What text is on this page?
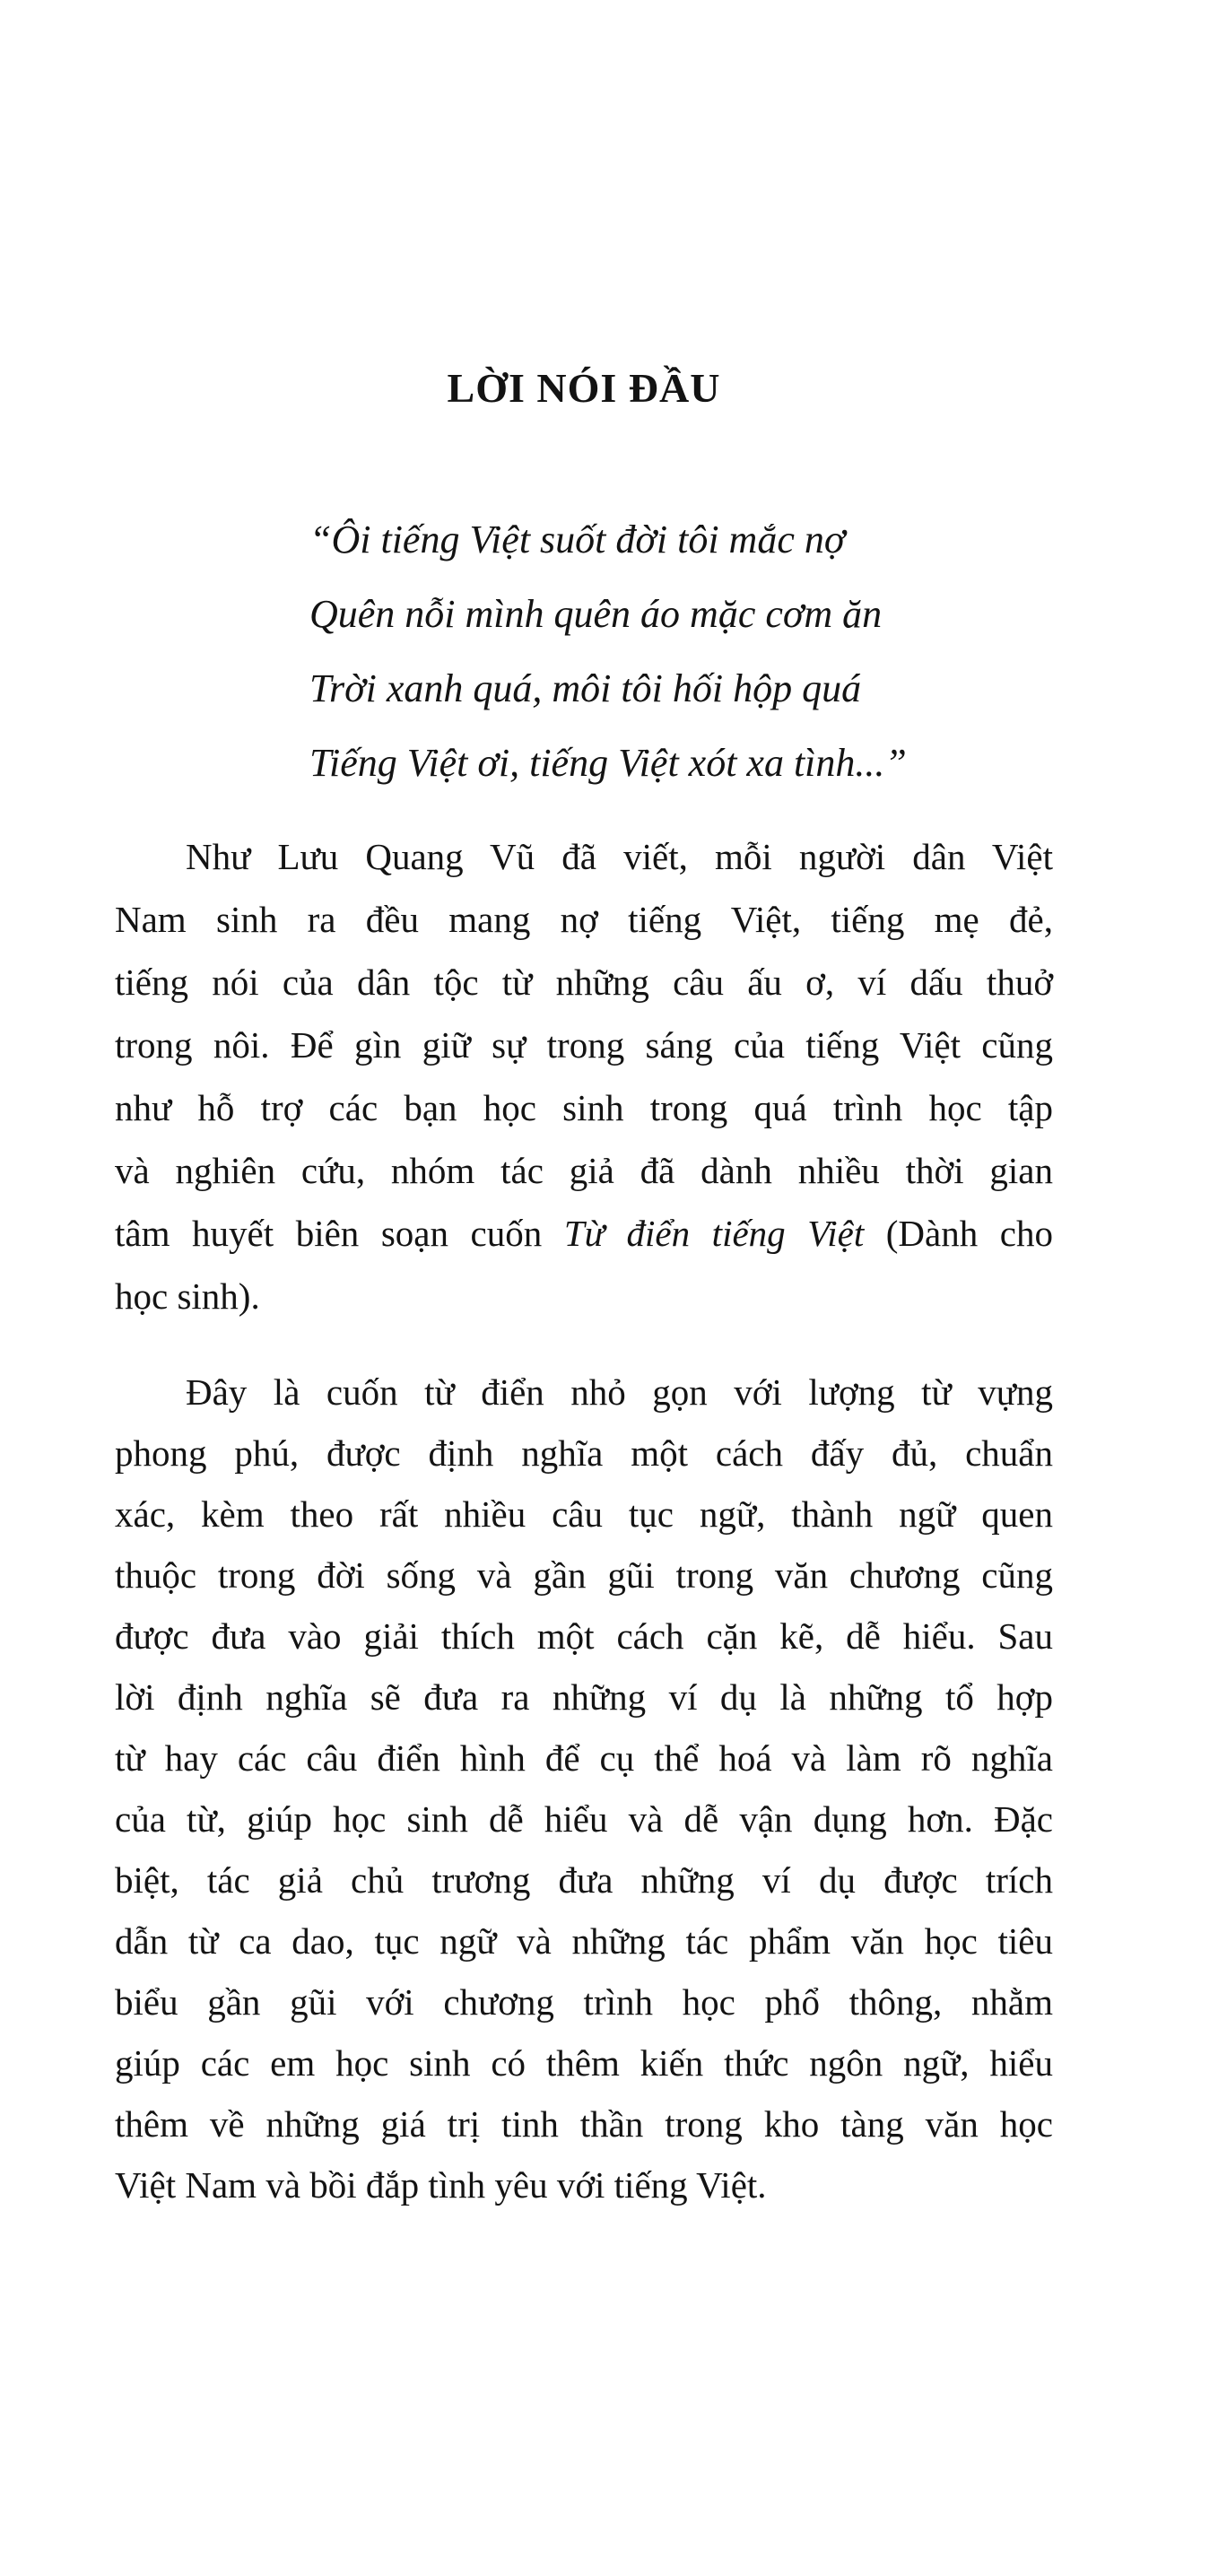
LỜI NÓI ĐẦU
“Ôi tiếng Việt suốt đời tôi mắc nợ
Quên nỗi mình quên áo mặc cơm ăn
Trời xanh quá, môi tôi hối hộp quá
Tiếng Việt ơi, tiếng Việt xót xa tình...”
Như Lưu Quang Vũ đã viết, mỗi người dân Việt
Nam sinh ra đều mang nợ tiếng Việt, tiếng mẹ đẻ,
tiếng nói của dân tộc từ những câu ấu ơ, ví dấu thuở
trong nôi. Để gìn giữ sự trong sáng của tiếng Việt cũng
như hỗ trợ các bạn học sinh trong quá trình học tập
và nghiên cứu, nhóm tác giả đã dành nhiều thời gian
tâm huyết biên soạn cuốn Từ điển tiếng Việt (Dành cho
học sinh).
Đây là cuốn từ điển nhỏ gọn với lượng từ vựng
phong phú, được định nghĩa một cách đấy đủ, chuẩn
xác, kèm theo rất nhiều câu tục ngữ, thành ngữ quen
thuộc trong đời sống và gần gũi trong văn chương cũng
được đưa vào giải thích một cách cặn kẽ, dễ hiểu. Sau
lời định nghĩa sẽ đưa ra những ví dụ là những tổ hợp
từ hay các câu điển hình để cụ thể hoá và làm rõ nghĩa
của từ, giúp học sinh dễ hiểu và dễ vận dụng hơn. Đặc
biệt, tác giả chủ trương đưa những ví dụ được trích
dẫn từ ca dao, tục ngữ và những tác phẩm văn học tiêu
biểu gần gũi với chương trình học phổ thông, nhằm
giúp các em học sinh có thêm kiến thức ngôn ngữ, hiểu
thêm về những giá trị tinh thần trong kho tàng văn học
Việt Nam và bồi đắp tình yêu với tiếng Việt.
